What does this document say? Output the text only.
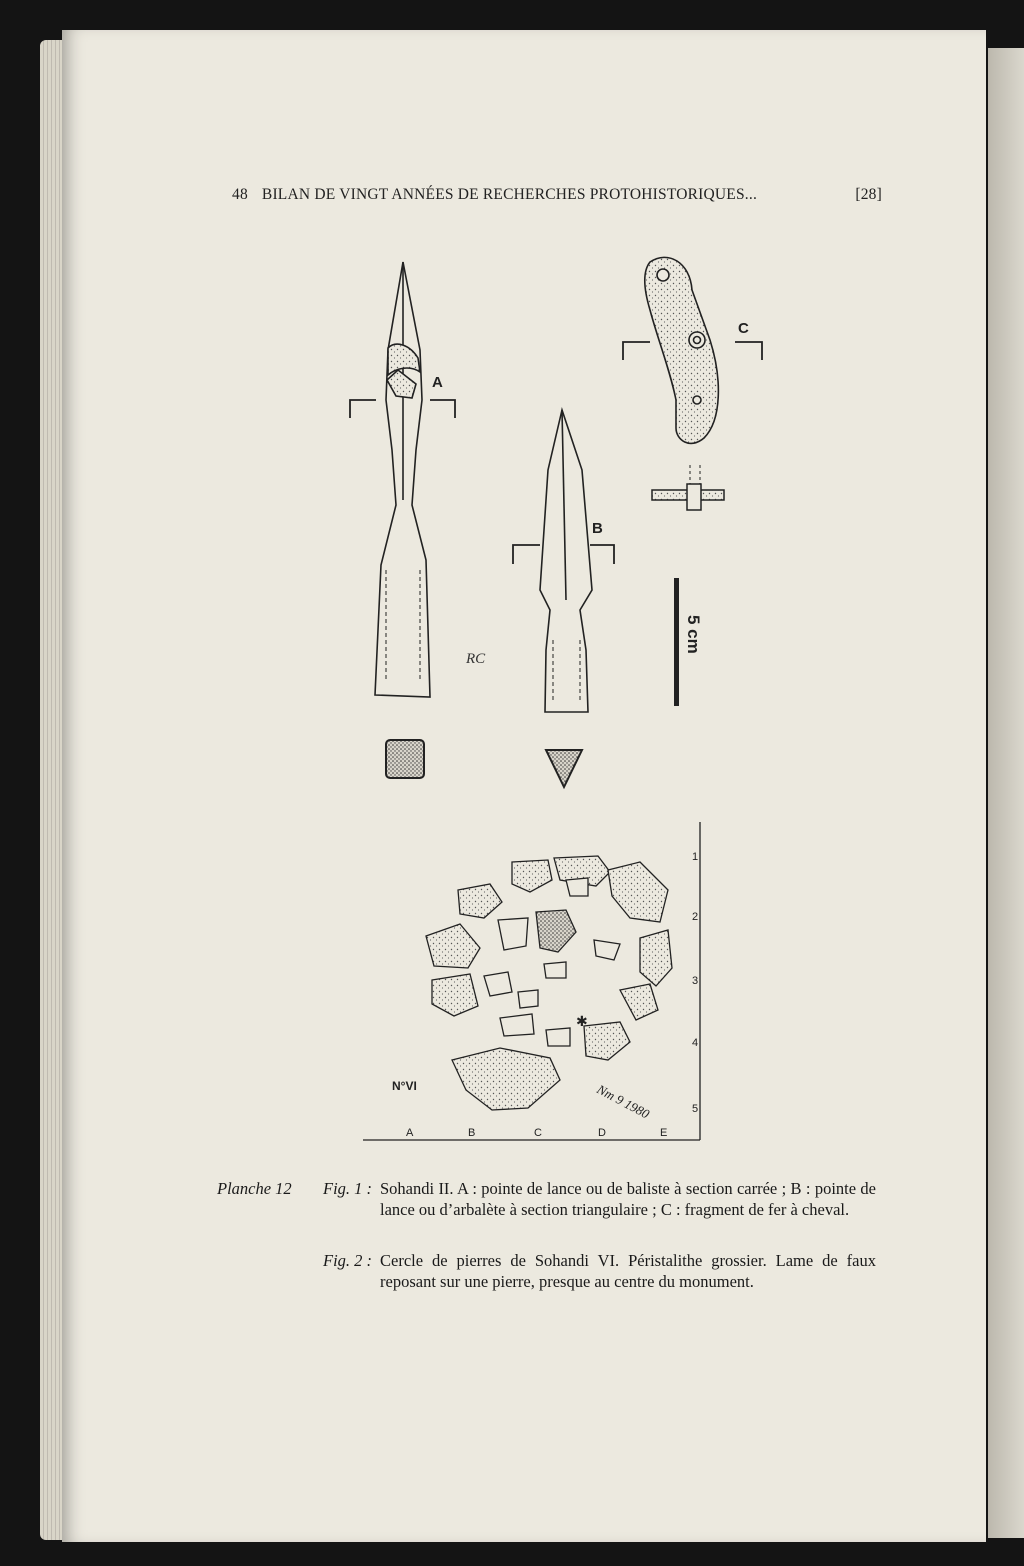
48 BILAN DE VINGT ANNÉES DE RECHERCHES PROTOHISTORIQUES...	[28]
A
B
C
5 cm
RC
✱
N°VI	Nm 9 1980
A	B	C	D	E
1
2
3
4
5
Planche 12 Fig. 1 : Sohandi II. A : pointe de lance ou de baliste à section carrée ; B : pointe de lance ou d’arbalète à section triangulaire ; C : fragment de fer à cheval.
Fig. 2 : Cercle de pierres de Sohandi VI. Péristalithe grossier. Lame de faux reposant sur une pierre, presque au centre du monument.
